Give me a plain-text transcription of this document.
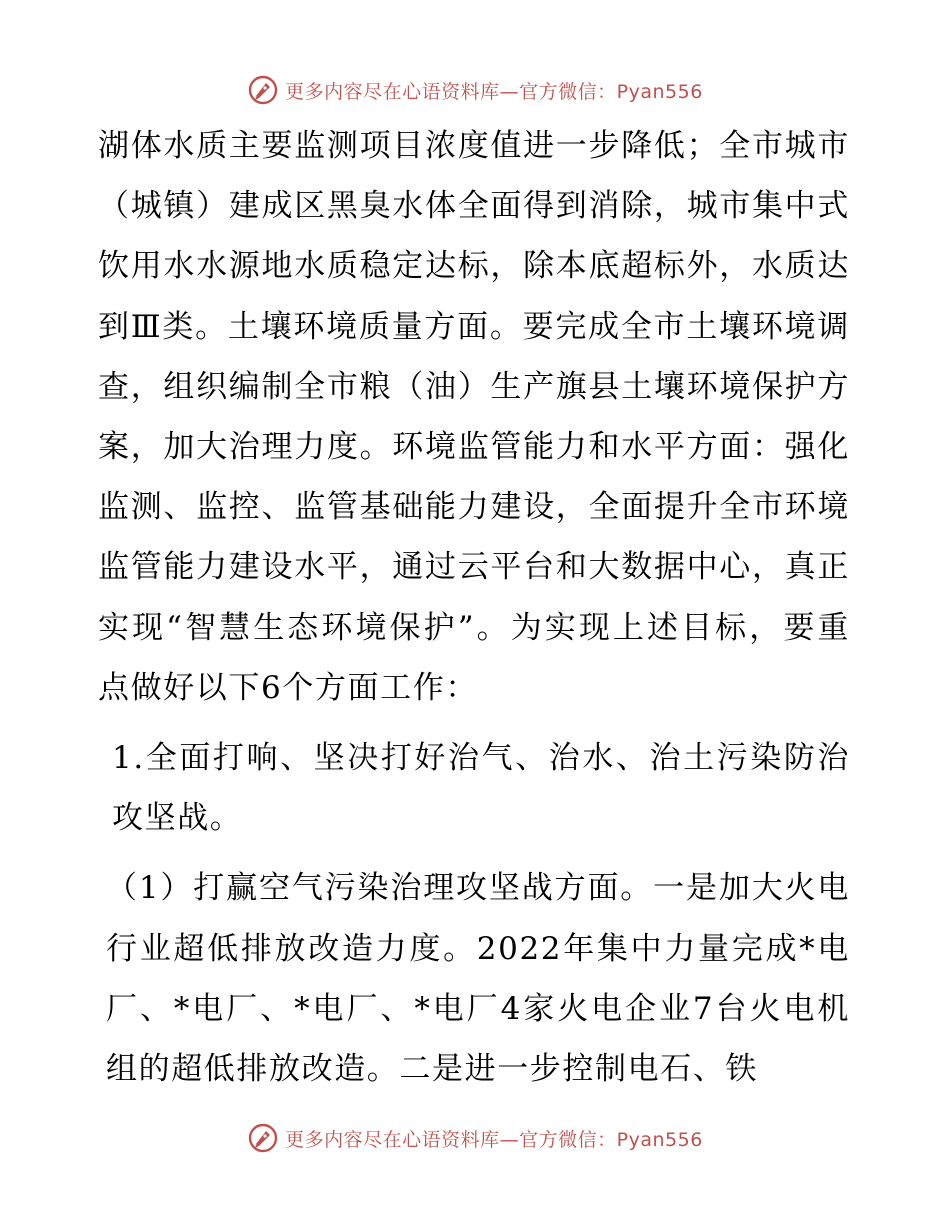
更多内容尽在心语资料库—官方微信：Pyan556

湖体水质主要监测项目浓度值进一步降低；全市城市（城镇）建成区黑臭水体全面得到消除，城市集中式饮用水水源地水质稳定达标，除本底超标外，水质达到Ⅲ类。土壤环境质量方面。要完成全市土壤环境调查，组织编制全市粮（油）生产旗县土壤环境保护方案，加大治理力度。环境监管能力和水平方面：强化监测、监控、监管基础能力建设，全面提升全市环境监管能力建设水平，通过云平台和大数据中心，真正实现“智慧生态环境保护”。为实现上述目标，要重点做好以下6个方面工作：

1.全面打响、坚决打好治气、治水、治土污染防治攻坚战。

（1）打赢空气污染治理攻坚战方面。一是加大火电行业超低排放改造力度。2022年集中力量完成*电厂、*电厂、*电厂、*电厂4家火电企业7台火电机组的超低排放改造。二是进一步控制电石、铁

更多内容尽在心语资料库—官方微信：Pyan556
